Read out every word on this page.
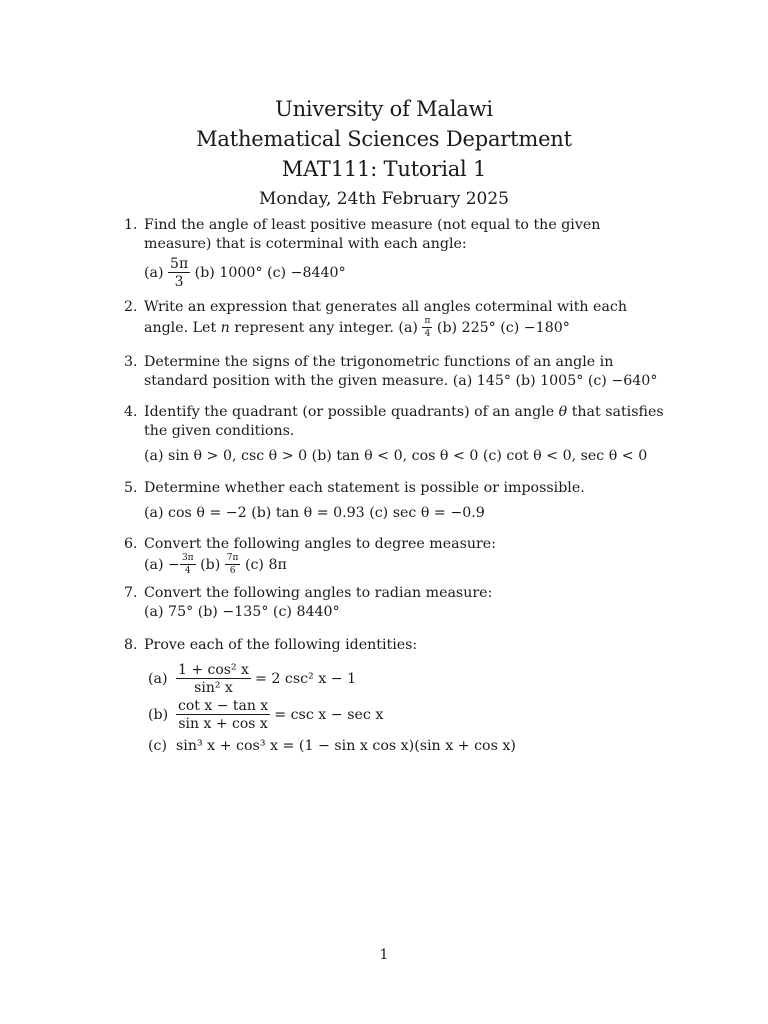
University of Malawi
Mathematical Sciences Department
MAT111: Tutorial 1
Monday, 24th February 2025
1. Find the angle of least positive measure (not equal to the given measure) that is coterminal with each angle:

$(a) \frac{5\pi}{3} (b)$ 1000° (c) −8440°

2. Write an expression that generates all angles coterminal with each angle. Let n represent any integer. $(a) \frac{\pi}{4} (b)$ 225° (c) −180°

3. Determine the signs of the trigonometric functions of an angle in standard position with the given measure. (a) 145° (b) 1005° (c) −640°

4. Identify the quadrant (or possible quadrants) of an angle θ that satisfies the given conditions.

(a) sin θ > 0, csc θ > 0 (b) tan θ < 0, cos θ < 0 (c) cot θ < 0, sec θ < 0

5. Determine whether each statement is possible or impossible.

(a) cos θ = −2 (b) tan θ = 0.93 (c) sec θ = −0.9

6. Convert the following angles to degree measure:

$(a) - \frac{3\pi}{4} (b) \frac{7\pi}{6} (c)$ 8π

7. Convert the following angles to radian measure:

(a) 75° (b) −135° (c) 8440°

8. Prove each of the following identities:

$(a) \frac{\text{1 + cos² x}}{\text{sin² x}} = 2$ csc² x − 1
$(b) \frac{\text{cot x − tan x}}{\text{sin x + cos x}} = \csc x - \sec x$
(c) sin³ x + cos³ x = (1 − sin x cos x)(sin x + cos x)
1
